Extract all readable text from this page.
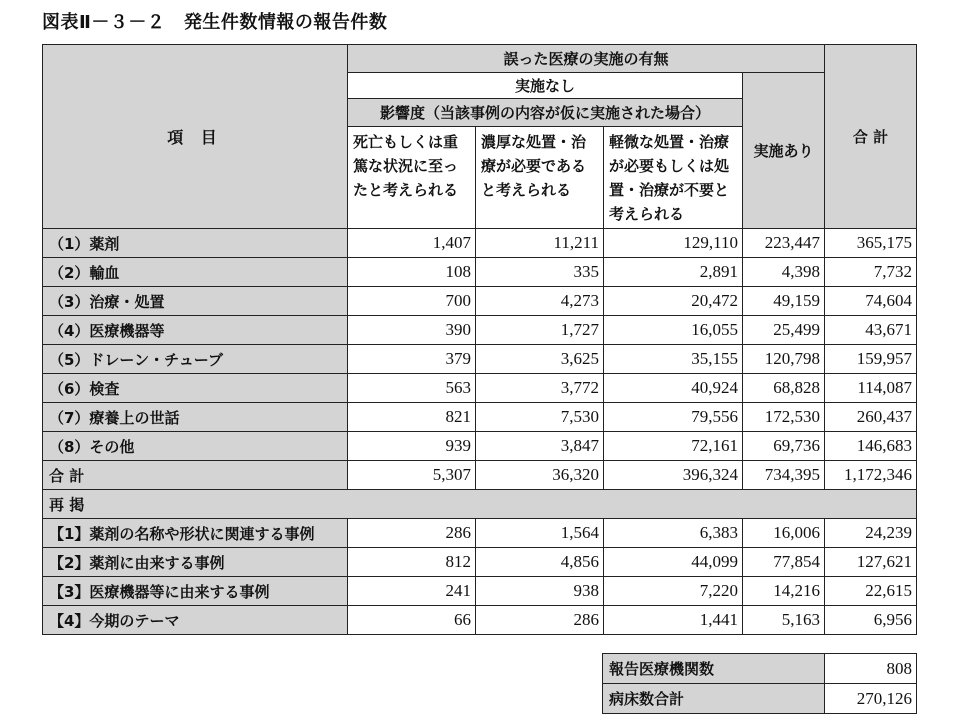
図表Ⅱ－３－２　発生件数情報の報告件数
項 目	誤った医療の実施の有無				合 計
	実施なし			実施あり	
	影響度（当該事例の内容が仮に実施された場合）				
	死亡もしくは重篤な状況に至ったと考えられる	濃厚な処置・治療が必要であると考えられる	軽微な処置・治療が必要もしくは処置・治療が不要と考えられる		
（1）薬剤	1,407	11,211	129,110	223,447	365,175
（2）輸血	108	335	2,891	4,398	7,732
（3）治療・処置	700	4,273	20,472	49,159	74,604
（4）医療機器等	390	1,727	16,055	25,499	43,671
（5）ドレーン・チューブ	379	3,625	35,155	120,798	159,957
（6）検査	563	3,772	40,924	68,828	114,087
（7）療養上の世話	821	7,530	79,556	172,530	260,437
（8）その他	939	3,847	72,161	69,736	146,683
合 計	5,307	36,320	396,324	734,395	1,172,346
再 掲					
【1】薬剤の名称や形状に関連する事例	286	1,564	6,383	16,006	24,239
【2】薬剤に由来する事例	812	4,856	44,099	77,854	127,621
【3】医療機器等に由来する事例	241	938	7,220	14,216	22,615
【4】今期のテーマ	66	286	1,441	5,163	6,956
報告医療機関数	808
病床数合計	270,126
